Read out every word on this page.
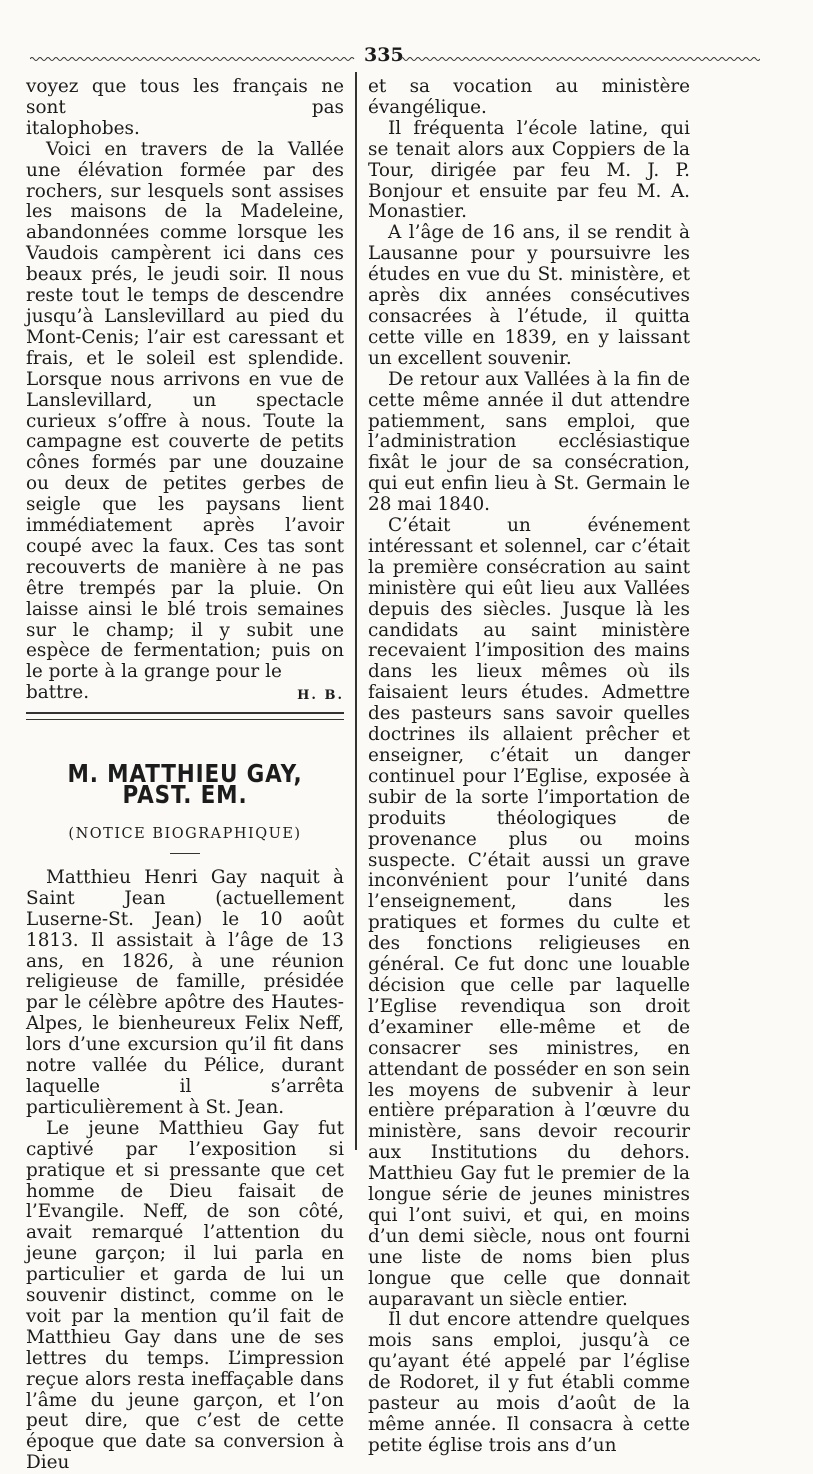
335

voyez que tous les français ne sont pas

italophobes.

Voici en travers de la Vallée une élévation formée par des rochers, sur lesquels sont assises les maisons de la Madeleine, abandonnées comme lorsque les Vaudois campèrent ici dans ces beaux prés, le jeudi soir. Il nous reste tout le temps de descendre jusqu’à Lanslevillard au pied du Mont-Cenis; l’air est caressant et frais, et le soleil est splendide. Lorsque nous arrivons en vue de Lanslevillard, un spectacle curieux s’offre à nous. Toute la campagne est couverte de petits cônes formés par une douzaine ou deux de petites gerbes de seigle que les paysans lient immédiatement après l’avoir coupé avec la faux. Ces tas sont recouverts de manière à ne pas être trempés par la pluie. On laisse ainsi le blé trois semaines sur le champ; il y subit une espèce de fermentation; puis on le porte à la grange pour le

battre.	H. B.

M. MATTHIEU GAY, PAST. EM.
(NOTICE BIOGRAPHIQUE)

Matthieu Henri Gay naquit à Saint Jean (actuellement Luserne-St. Jean) le 10 août 1813. Il assistait à l’âge de 13 ans, en 1826, à une réunion religieuse de famille, présidée par le célèbre apôtre des Hautes-Alpes, le bienheureux Felix Neff, lors d’une excursion qu’il fit dans notre vallée du Pélice, durant laquelle il s’arrêta particulièrement à St. Jean.

Le jeune Matthieu Gay fut captivé par l’exposition si pratique et si pressante que cet homme de Dieu faisait de l’Evangile. Neff, de son côté, avait remarqué l’attention du jeune garçon; il lui parla en particulier et garda de lui un souvenir distinct, comme on le voit par la mention qu’il fait de Matthieu Gay dans une de ses lettres du temps. L’impression reçue alors resta ineffaçable dans l’âme du jeune garçon, et l’on peut dire, que c’est de cette époque que date sa conversion à Dieu

et sa vocation au ministère évangélique.

Il fréquenta l’école latine, qui se tenait alors aux Coppiers de la Tour, dirigée par feu M. J. P. Bonjour et ensuite par feu M. A. Monastier.

A l’âge de 16 ans, il se rendit à Lausanne pour y poursuivre les études en vue du St. ministère, et après dix années consécutives consacrées à l’étude, il quitta cette ville en 1839, en y laissant un excellent souvenir.

De retour aux Vallées à la fin de cette même année il dut attendre patiemment, sans emploi, que l’administration ecclésiastique fixât le jour de sa consécration, qui eut enfin lieu à St. Germain le 28 mai 1840.

C’était un événement intéressant et solennel, car c’était la première consécration au saint ministère qui eût lieu aux Vallées depuis des siècles. Jusque là les candidats au saint ministère recevaient l’imposition des mains dans les lieux mêmes où ils faisaient leurs études. Admettre des pasteurs sans savoir quelles doctrines ils allaient prêcher et enseigner, c’était un danger continuel pour l’Eglise, exposée à subir de la sorte l’importation de produits théologiques de provenance plus ou moins suspecte. C’était aussi un grave inconvénient pour l’unité dans l’enseignement, dans les pratiques et formes du culte et des fonctions religieuses en général. Ce fut donc une louable décision que celle par laquelle l’Eglise revendiqua son droit d’examiner elle-même et de consacrer ses ministres, en attendant de posséder en son sein les moyens de subvenir à leur entière préparation à l’œuvre du ministère, sans devoir recourir aux Institutions du dehors. Matthieu Gay fut le premier de la longue série de jeunes ministres qui l’ont suivi, et qui, en moins d’un demi siècle, nous ont fourni une liste de noms bien plus longue que celle que donnait auparavant un siècle entier.

Il dut encore attendre quelques mois sans emploi, jusqu’à ce qu’ayant été appelé par l’église de Rodoret, il y fut établi comme pasteur au mois d’août de la même année. Il consacra à cette petite église trois ans d’un
